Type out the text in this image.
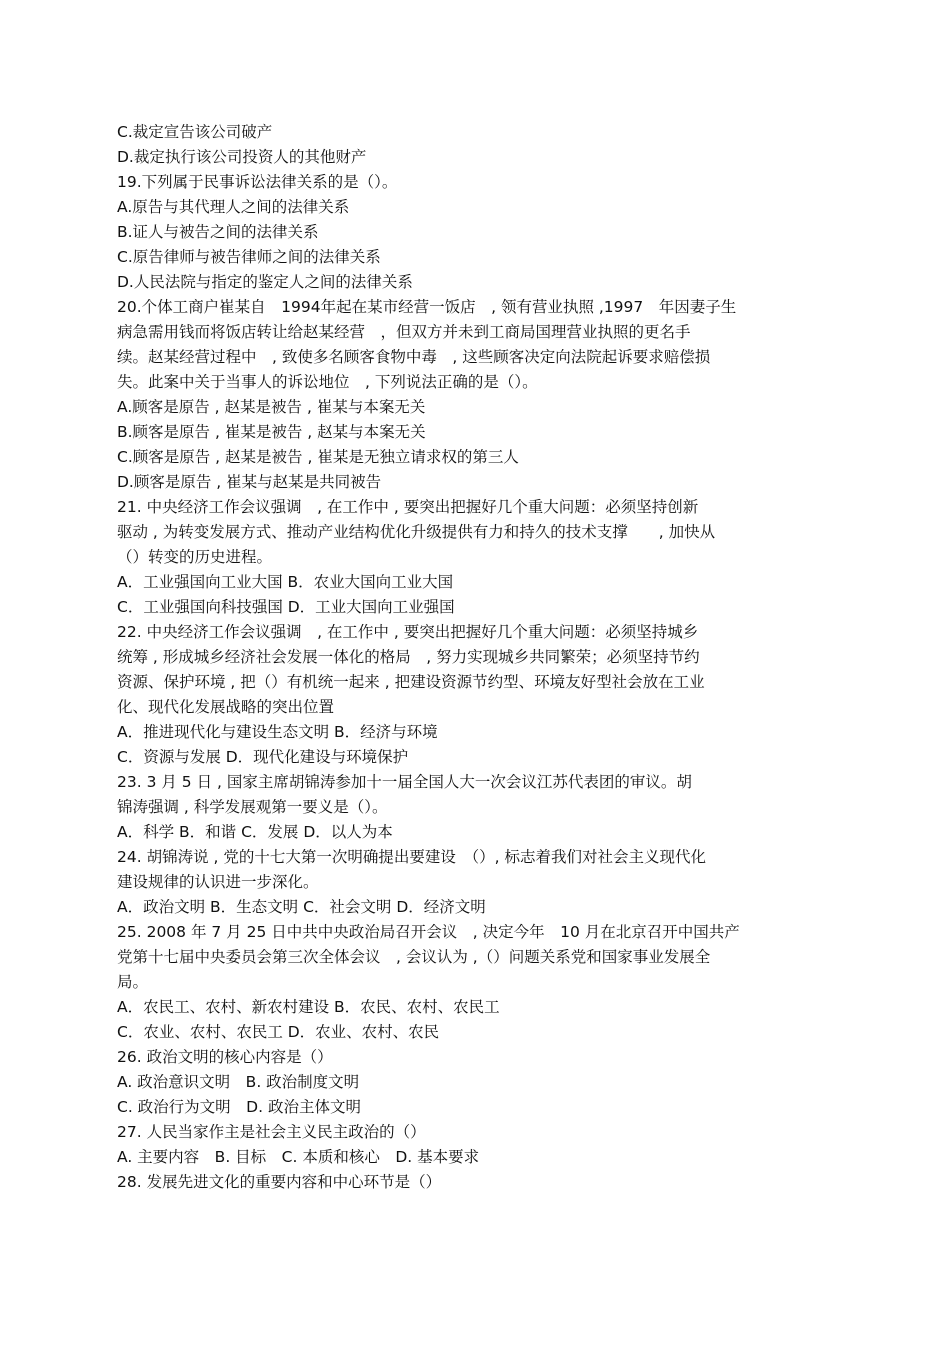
C.裁定宣告该公司破产
D.裁定执行该公司投资人的其他财产
19.下列属于民事诉讼法律关系的是（）。
A.原告与其代理人之间的法律关系
B.证人与被告之间的法律关系
C.原告律师与被告律师之间的法律关系
D.人民法院与指定的鉴定人之间的法律关系
20.个体工商户崔某自　1994年起在某市经营一饭店　, 领有营业执照 ,1997　年因妻子生
病急需用钱而将饭店转让给赵某经营　，但双方并未到工商局国理营业执照的更名手
续。赵某经营过程中　, 致使多名顾客食物中毒　, 这些顾客决定向法院起诉要求赔偿损
失。此案中关于当事人的诉讼地位　, 下列说法正确的是（）。
A.顾客是原告 , 赵某是被告 , 崔某与本案无关
B.顾客是原告 , 崔某是被告 , 赵某与本案无关
C.顾客是原告 , 赵某是被告 , 崔某是无独立请求权的第三人
D.顾客是原告 , 崔某与赵某是共同被告
21. 中央经济工作会议强调　, 在工作中 , 要突出把握好几个重大问题：必须坚持创新
驱动 , 为转变发展方式、推动产业结构优化升级提供有力和持久的技术支撑　　, 加快从
（）转变的历史进程。
A．工业强国向工业大国 B．农业大国向工业大国
C．工业强国向科技强国 D．工业大国向工业强国
22. 中央经济工作会议强调　, 在工作中 , 要突出把握好几个重大问题：必须坚持城乡
统筹 , 形成城乡经济社会发展一体化的格局　, 努力实现城乡共同繁荣；必须坚持节约
资源、保护环境 , 把（）有机统一起来 , 把建设资源节约型、环境友好型社会放在工业
化、现代化发展战略的突出位置
A．推进现代化与建设生态文明 B．经济与环境
C．资源与发展 D．现代化建设与环境保护
23. 3 月 5 日 , 国家主席胡锦涛参加十一届全国人大一次会议江苏代表团的审议。胡
锦涛强调 , 科学发展观第一要义是（）。
A．科学 B．和谐 C．发展 D．以人为本
24. 胡锦涛说 , 党的十七大第一次明确提出要建设　（）, 标志着我们对社会主义现代化
建设规律的认识进一步深化。
A．政治文明 B．生态文明 C．社会文明 D．经济文明
25. 2008 年 7 月 25 日中共中央政治局召开会议　, 决定今年　10 月在北京召开中国共产
党第十七届中央委员会第三次全体会议　, 会议认为 ,（）问题关系党和国家事业发展全
局。
A．农民工、农村、新农村建设 B．农民、农村、农民工
C．农业、农村、农民工 D．农业、农村、农民
26. 政治文明的核心内容是（）
A. 政治意识文明　B. 政治制度文明
C. 政治行为文明　D. 政治主体文明
27. 人民当家作主是社会主义民主政治的（）
A. 主要内容　B. 目标　C. 本质和核心　D. 基本要求
28. 发展先进文化的重要内容和中心环节是（）
